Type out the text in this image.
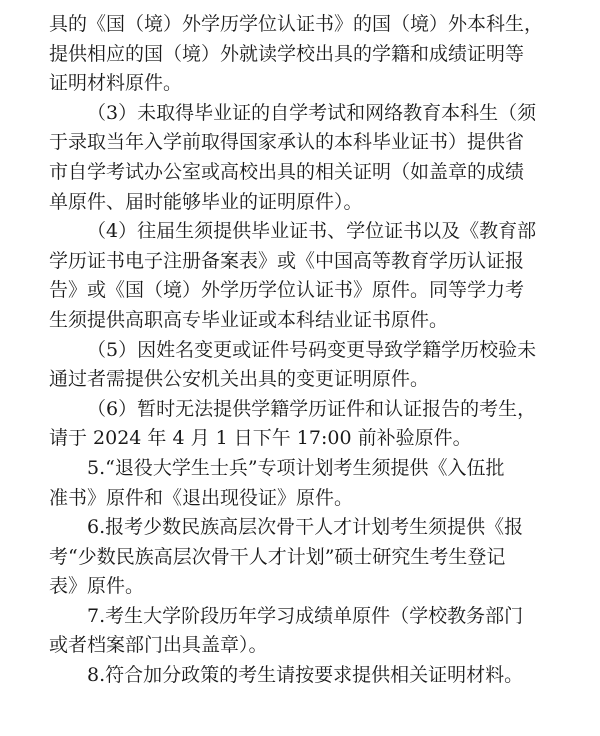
具的《国（境）外学历学位认证书》的国（境）外本科生，
提供相应的国（境）外就读学校出具的学籍和成绩证明等
证明材料原件。
（3）未取得毕业证的自学考试和网络教育本科生（须
于录取当年入学前取得国家承认的本科毕业证书）提供省
市自学考试办公室或高校出具的相关证明（如盖章的成绩
单原件、届时能够毕业的证明原件）。
（4）往届生须提供毕业证书、学位证书以及《教育部
学历证书电子注册备案表》或《中国高等教育学历认证报
告》或《国（境）外学历学位认证书》原件。同等学力考
生须提供高职高专毕业证或本科结业证书原件。
（5）因姓名变更或证件号码变更导致学籍学历校验未
通过者需提供公安机关出具的变更证明原件。
（6）暂时无法提供学籍学历证件和认证报告的考生，
请于 2024 年 4 月 1 日下午 17:00 前补验原件。
5.“退役大学生士兵”专项计划考生须提供《入伍批
准书》原件和《退出现役证》原件。
6.报考少数民族高层次骨干人才计划考生须提供《报
考“少数民族高层次骨干人才计划”硕士研究生考生登记
表》原件。
7.考生大学阶段历年学习成绩单原件（学校教务部门
或者档案部门出具盖章）。
8.符合加分政策的考生请按要求提供相关证明材料。
